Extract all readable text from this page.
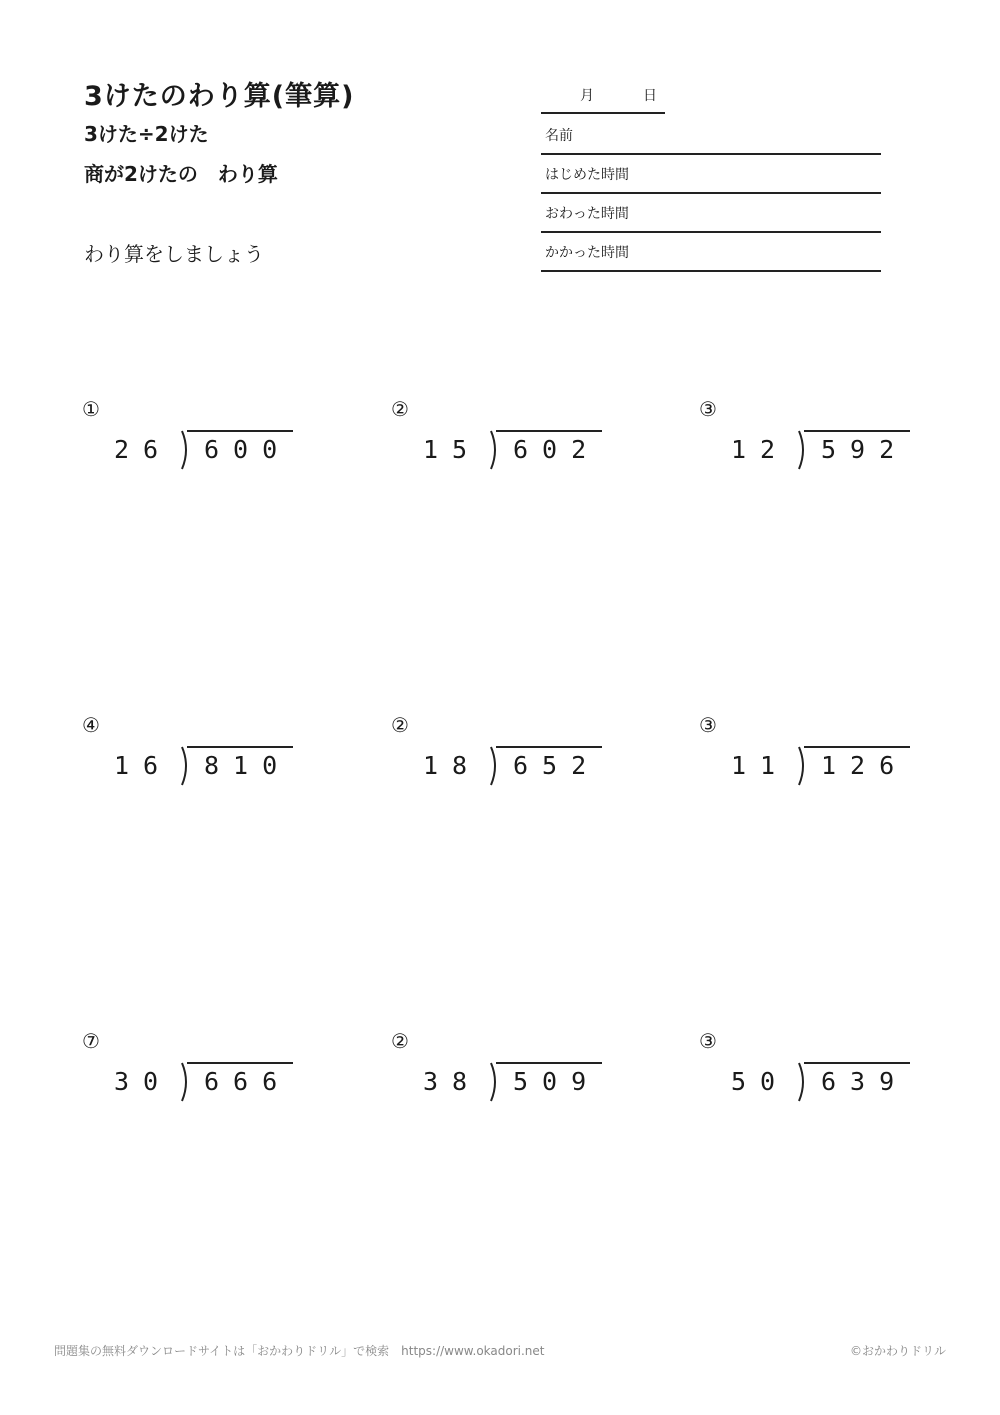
3けたのわり算(筆算)
3けた÷2けた
商が2けたの　わり算
わり算をしましょう
月	日
名前
はじめた時間
おわった時間
かかった時間
①
26 600
②
15 602
③
12 592
④
16 810
②
18 652
③
11 126
⑦
30 666
②
38 509
③
50 639
問題集の無料ダウンロードサイトは「おかわりドリル」で検索　https://www.okadori.net	©おかわりドリル
